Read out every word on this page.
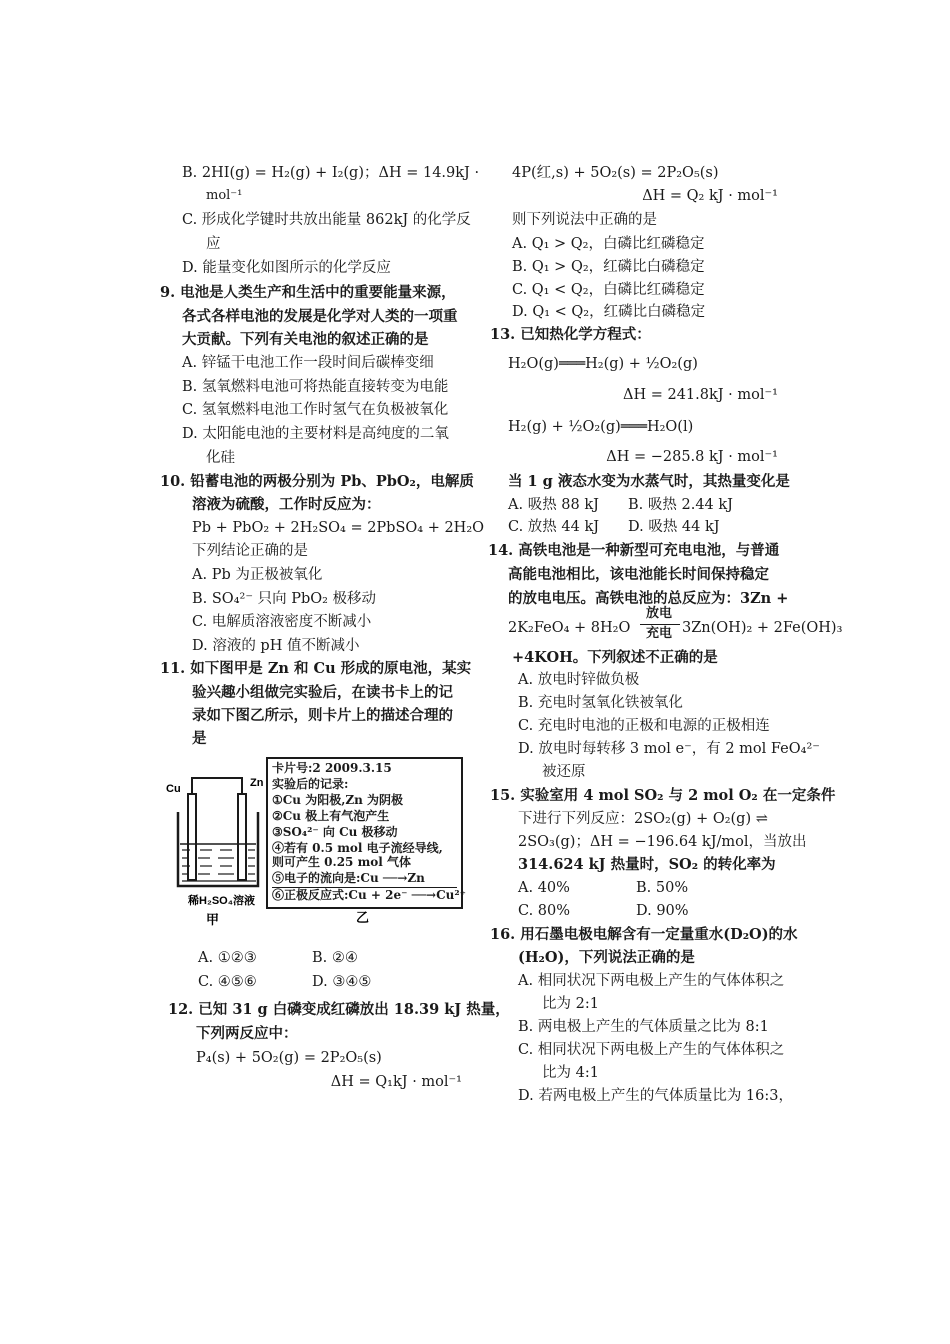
B. 2HI(g) = H₂(g) + I₂(g)；ΔH = 14.9kJ ·
mol⁻¹
C. 形成化学键时共放出能量 862kJ 的化学反
应
D. 能量变化如图所示的化学反应
9. 电池是人类生产和生活中的重要能量来源，
各式各样电池的发展是化学对人类的一项重
大贡献。下列有关电池的叙述正确的是
A. 锌锰干电池工作一段时间后碳棒变细
B. 氢氧燃料电池可将热能直接转变为电能
C. 氢氧燃料电池工作时氢气在负极被氧化
D. 太阳能电池的主要材料是高纯度的二氧
化硅
10. 铅蓄电池的两极分别为 Pb、PbO₂，电解质
溶液为硫酸，工作时反应为：
Pb + PbO₂ + 2H₂SO₄ = 2PbSO₄ + 2H₂O
下列结论正确的是
A. Pb 为正极被氧化
B. SO₄²⁻ 只向 PbO₂ 极移动
C. 电解质溶液密度不断减小
D. 溶液的 pH 值不断减小
11. 如下图甲是 Zn 和 Cu 形成的原电池，某实
验兴趣小组做完实验后，在读书卡上的记
录如下图乙所示，则卡片上的描述合理的
是
Cu	Zn
稀H₂SO₄溶液
甲	乙
卡片号:2 2009.3.15
实验后的记录:
①Cu 为阳极,Zn 为阴极
②Cu 极上有气泡产生
③SO₄²⁻ 向 Cu 极移动
④若有 0.5 mol 电子流经导线,
则可产生 0.25 mol 气体
⑤电子的流向是:Cu ──→Zn
⑥正极反应式:Cu + 2e⁻ ──→Cu²⁺
A. ①②③	B. ②④
C. ④⑤⑥	D. ③④⑤
12. 已知 31 g 白磷变成红磷放出 18.39 kJ 热量，
下列两反应中：
P₄(s) + 5O₂(g) = 2P₂O₅(s)
ΔH = Q₁kJ · mol⁻¹
4P(红,s) + 5O₂(s) = 2P₂O₅(s)
ΔH = Q₂ kJ · mol⁻¹
则下列说法中正确的是
A. Q₁ > Q₂，白磷比红磷稳定
B. Q₁ > Q₂，红磷比白磷稳定
C. Q₁ < Q₂，白磷比红磷稳定
D. Q₁ < Q₂，红磷比白磷稳定
13. 已知热化学方程式：
H₂O(g)═══H₂(g) + ½O₂(g)
ΔH = 241.8kJ · mol⁻¹
H₂(g) + ½O₂(g)═══H₂O(l)
ΔH = −285.8 kJ · mol⁻¹
当 1 g 液态水变为水蒸气时，其热量变化是
A. 吸热 88 kJ B. 吸热 2.44 kJ
C. 放热 44 kJ D. 吸热 44 kJ
14. 高铁电池是一种新型可充电电池，与普通
高能电池相比，该电池能长时间保持稳定
的放电电压。高铁电池的总反应为：3Zn +
2K₂FeO₄ + 8H₂O
放电
充电 3Zn(OH)₂ + 2Fe(OH)₃
+4KOH。下列叙述不正确的是
A. 放电时锌做负极
B. 充电时氢氧化铁被氧化
C. 充电时电池的正极和电源的正极相连
D. 放电时每转移 3 mol e⁻，有 2 mol FeO₄²⁻
被还原
15. 实验室用 4 mol SO₂ 与 2 mol O₂ 在一定条件
下进行下列反应：2SO₂(g) + O₂(g) ⇌
2SO₃(g)；ΔH = −196.64 kJ/mol，当放出
314.624 kJ 热量时，SO₂ 的转化率为
A. 40%	B. 50%
C. 80%	D. 90%
16. 用石墨电极电解含有一定量重水(D₂O)的水
(H₂O)，下列说法正确的是
A. 相同状况下两电极上产生的气体体积之
比为 2:1
B. 两电极上产生的气体质量之比为 8:1
C. 相同状况下两电极上产生的气体体积之
比为 4:1
D. 若两电极上产生的气体质量比为 16:3，
